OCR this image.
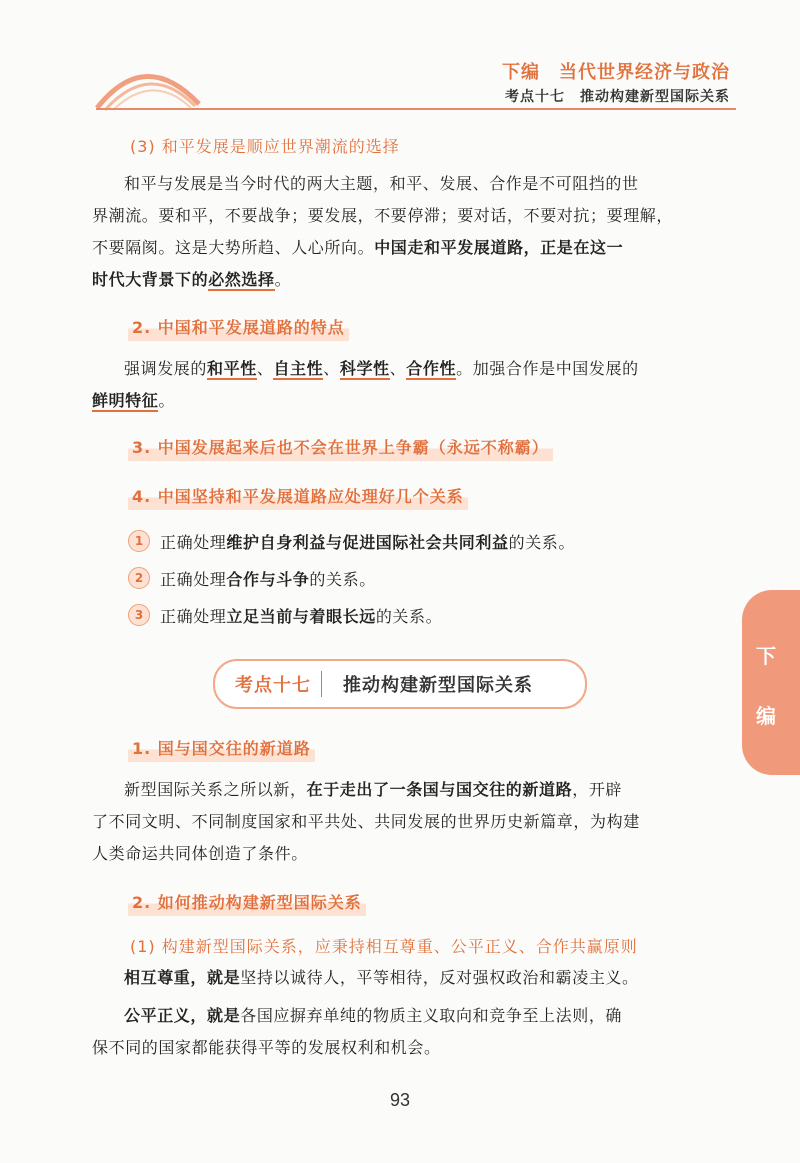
下编　当代世界经济与政治
考点十七　推动构建新型国际关系
(3) 和平发展是顺应世界潮流的选择
和平与发展是当今时代的两大主题，和平、发展、合作是不可阻挡的世
界潮流。要和平，不要战争；要发展，不要停滞；要对话，不要对抗；要理解，
不要隔阂。这是大势所趋、人心所向。中国走和平发展道路，正是在这一
时代大背景下的必然选择。
2. 中国和平发展道路的特点
强调发展的和平性、自主性、科学性、合作性。加强合作是中国发展的
鲜明特征。
3. 中国发展起来后也不会在世界上争霸（永远不称霸）
4. 中国坚持和平发展道路应处理好几个关系
1	正确处理维护自身利益与促进国际社会共同利益的关系。
2	正确处理合作与斗争的关系。
3	正确处理立足当前与着眼长远的关系。
考点十七 推动构建新型国际关系
1. 国与国交往的新道路
新型国际关系之所以新，在于走出了一条国与国交往的新道路，开辟
了不同文明、不同制度国家和平共处、共同发展的世界历史新篇章，为构建
人类命运共同体创造了条件。
2. 如何推动构建新型国际关系
(1) 构建新型国际关系，应秉持相互尊重、公平正义、合作共赢原则
相互尊重，就是坚持以诚待人，平等相待，反对强权政治和霸凌主义。
公平正义，就是各国应摒弃单纯的物质主义取向和竞争至上法则，确
保不同的国家都能获得平等的发展权利和机会。
下
编
93
